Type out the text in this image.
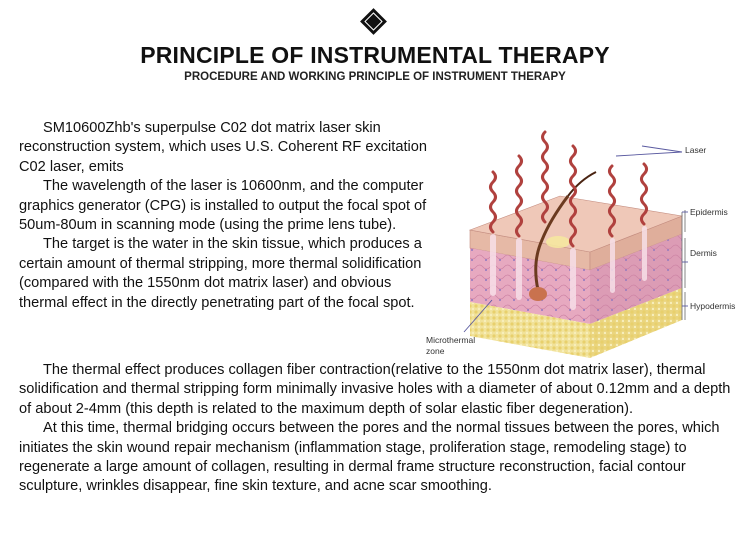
PRINCIPLE OF INSTRUMENTAL THERAPY
PROCEDURE AND WORKING PRINCIPLE OF INSTRUMENT THERAPY

SM10600Zhb's superpulse C02 dot matrix laser skin reconstruction system, which uses U.S. Coherent RF excitation C02 laser, emits

The wavelength of the laser is 10600nm, and the computer graphics generator (CPG) is installed to output the focal spot of 50um-80um in scanning mode (using the prime lens tube).

The target is the water in the skin tissue, which produces a certain amount of thermal stripping, more thermal solidification (compared with the 1550nm dot matrix laser) and obvious thermal effect in the directly penetrating part of the focal spot.

The thermal effect produces collagen fiber contraction(relative to the 1550nm dot matrix laser), thermal solidification and thermal stripping form minimally invasive holes with a diameter of about 0.12mm and a depth of about 2-4mm (this depth is related to the maximum depth of solar elastic fiber degeneration).

At this time, thermal bridging occurs between the pores and the normal tissues between the pores, which initiates the skin wound repair mechanism (inflammation stage, proliferation stage, remodeling stage) to regenerate a large amount of collagen, resulting in dermal frame structure reconstruction, facial contour sculpture, wrinkles disappear, fine skin texture, and acne scar smoothing.

Laser
Epidermis
Dermis
Hypodermis
Microthermal
zone
